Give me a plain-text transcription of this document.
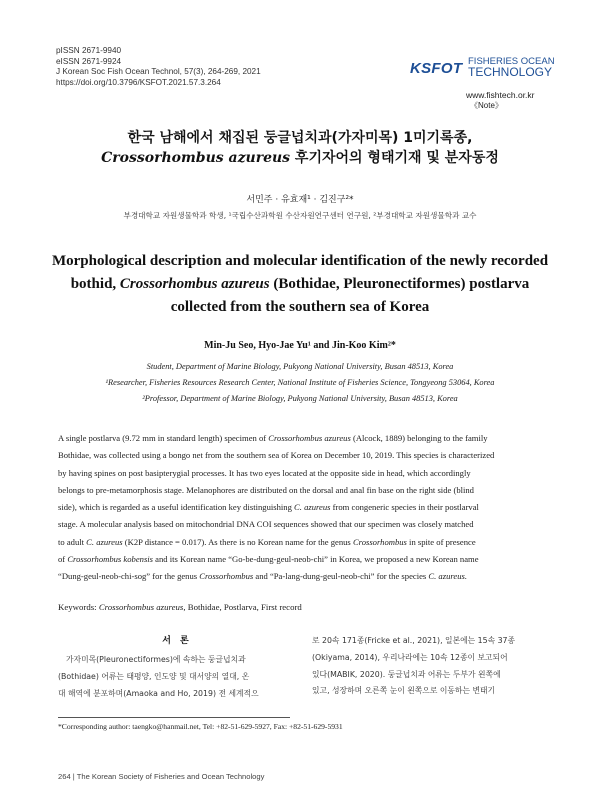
pISSN 2671-9940
eISSN 2671-9924
J Korean Soc Fish Ocean Technol, 57(3), 264-269, 2021
https://doi.org/10.3796/KSFOT.2021.57.3.264
KSFOT FISHERIES OCEAN
TECHNOLOGY
www.fishtech.or.kr
《Note》
한국 남해에서 채집된 둥글넙치과(가자미목) 1미기록종,
Crossorhombus azureus 후기자어의 형태기재 및 분자동정
서민주 · 유효재¹ · 김진구²*
부경대학교 자원생물학과 학생, ¹국립수산과학원 수산자원연구센터 연구원, ²부경대학교 자원생물학과 교수
Morphological description and molecular identification of the newly recorded
bothid, Crossorhombus azureus (Bothidae, Pleuronectiformes) postlarva
collected from the southern sea of Korea
Min-Ju Seo, Hyo-Jae Yu¹ and Jin-Koo Kim²*
Student, Department of Marine Biology, Pukyong National University, Busan 48513, Korea
¹Researcher, Fisheries Resources Research Center, National Institute of Fisheries Science, Tongyeong 53064, Korea
²Professor, Department of Marine Biology, Pukyong National University, Busan 48513, Korea
A single postlarva (9.72 mm in standard length) specimen of Crossorhombus azureus (Alcock, 1889) belonging to the family
Bothidae, was collected using a bongo net from the southern sea of Korea on December 10, 2019. This species is characterized
by having spines on post basipterygial processes. It has two eyes located at the opposite side in head, which accordingly
belongs to pre-metamorphosis stage. Melanophores are distributed on the dorsal and anal fin base on the right side (blind
side), which is regarded as a useful identification key distinguishing C. azureus from congeneric species in their postlarval
stage. A molecular analysis based on mitochondrial DNA COI sequences showed that our specimen was closely matched
to adult C. azureus (K2P distance = 0.017). As there is no Korean name for the genus Crossorhombus in spite of presence
of Crossorhombus kobensis and its Korean name “Go-be-dung-geul-neob-chi” in Korea, we proposed a new Korean name
“Dung-geul-neob-chi-sog” for the genus Crossorhombus and “Pa-lang-dung-geul-neob-chi” for the species C. azureus.
Keywords: Crossorhombus azureus, Bothidae, Postlarva, First record
서 론
가자미목(Pleuronectiformes)에 속하는 둥글넙치과
(Bothidae) 어류는 태평양, 인도양 및 대서양의 열대, 온
대 해역에 분포하며(Amaoka and Ho, 2019) 전 세계적으
로 20속 171종(Fricke et al., 2021), 일본에는 15속 37종
(Okiyama, 2014), 우리나라에는 10속 12종이 보고되어
있다(MABIK, 2020). 둥글넙치과 어류는 두부가 왼쪽에
있고, 성장하며 오른쪽 눈이 왼쪽으로 이동하는 변태기
*Corresponding author: taengko@hanmail.net, Tel: +82-51-629-5927, Fax: +82-51-629-5931
264 | The Korean Society of Fisheries and Ocean Technology
